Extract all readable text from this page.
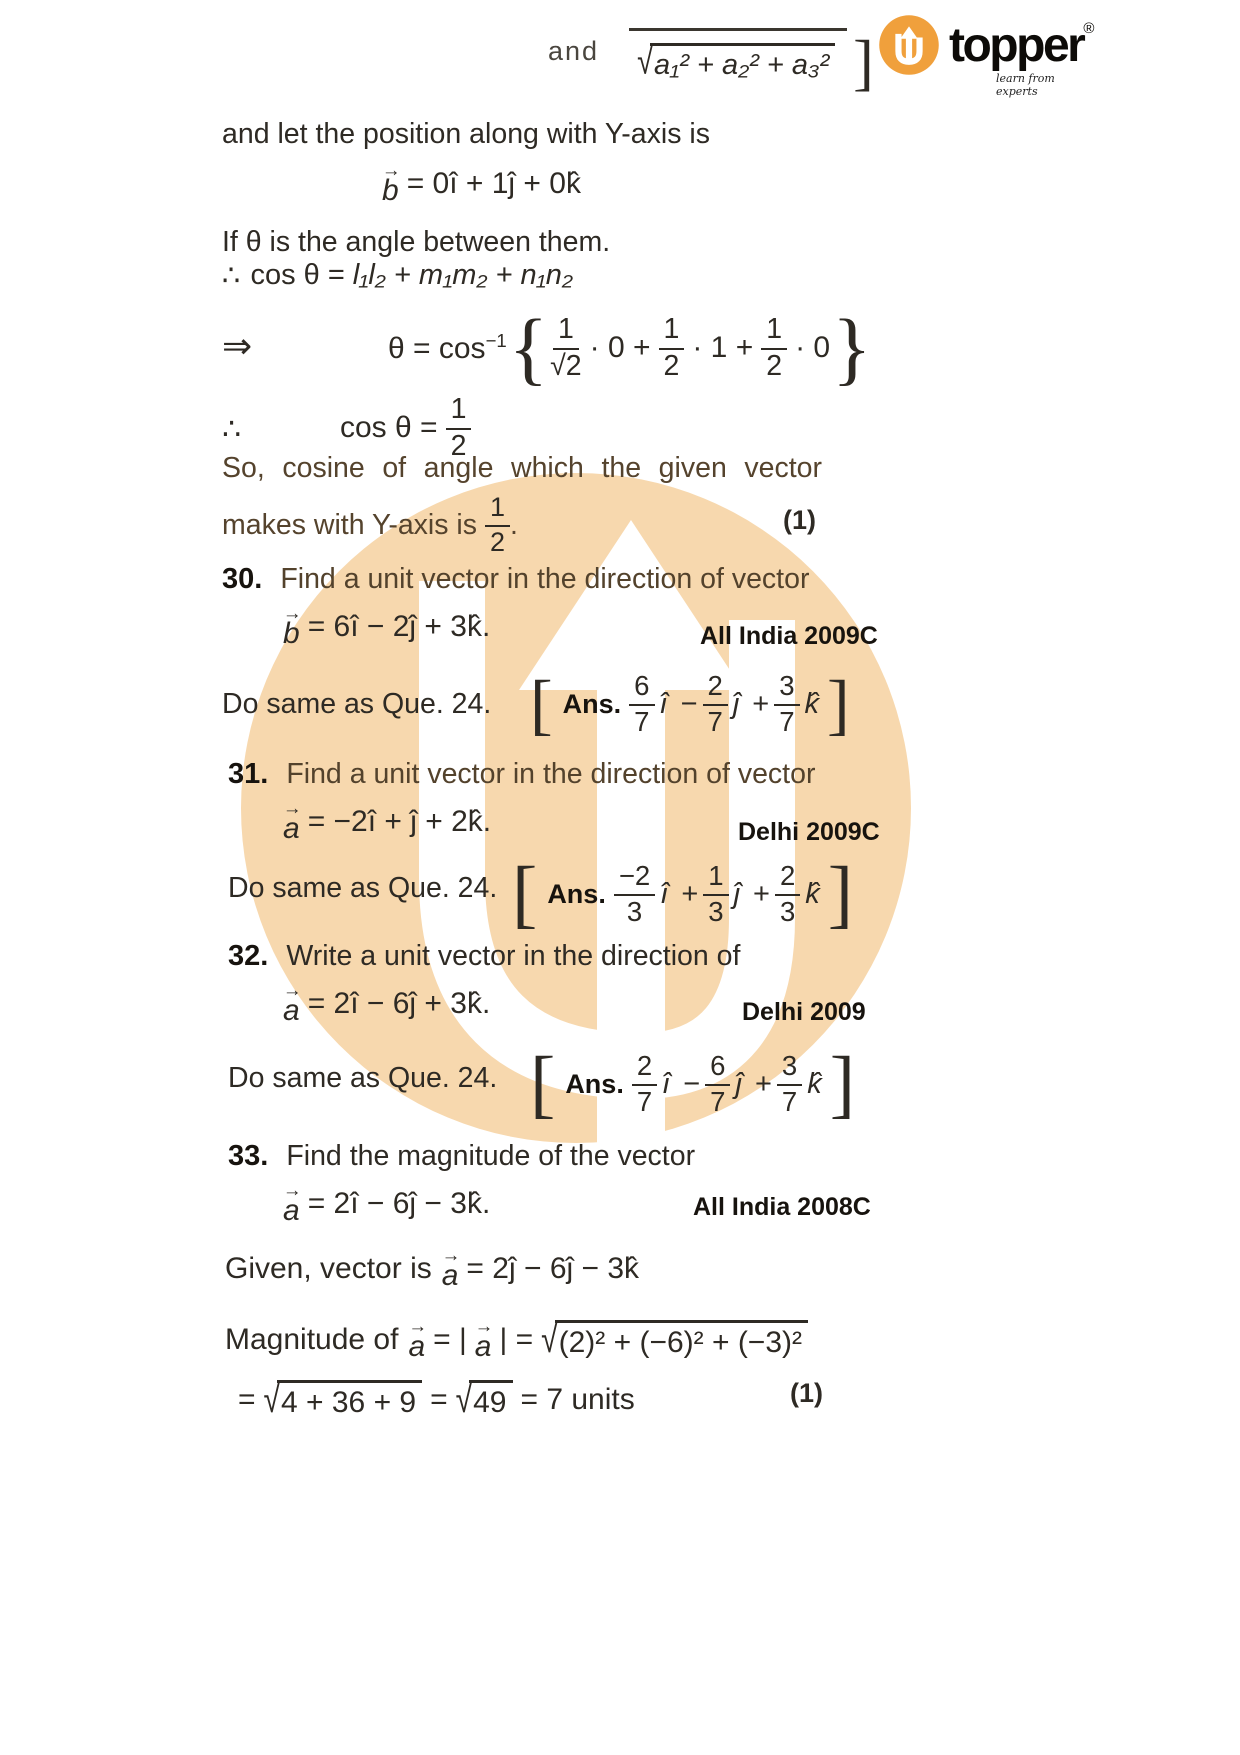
topper®
learn from experts
and √ a₁² + a₂² + a₃² ]
and let the position along with Y-axis is
→
b = 0î + 1ĵ + 0k̂
If θ is the angle between them.
∴ cos θ = l₁l₂ + m₁m₂ + n₁n₂
⇒	$\theta = \cos^{-1}$ { $\frac{1}{√2} \cdot 0 + \frac{1}{2} \cdot 1 + \frac{1}{2} \cdot 0$ }
∴	$\cos \theta = \frac{1}{2}$
So, cosine of angle which the given vector
makes with Y-axis is $\frac{1}{2}$ .	(1)
30. Find a unit vector in the direction of vector
→
b = 6î − 2ĵ + 3k̂.	All India 2009C
Do same as Que. 24. [ Ans. $\frac{6}{7}$ î − $\frac{2}{7}$ ĵ + $\frac{3}{7}$ k̂ ]
31. Find a unit vector in the direction of vector
→
a = −2î + ĵ + 2k̂.	Delhi 2009C
Do same as Que. 24. [ Ans. $\frac{-2}{3}$ î + $\frac{1}{3}$ ĵ + $\frac{2}{3}$ k̂ ]
32. Write a unit vector in the direction of
→
a = 2î − 6ĵ + 3k̂.	Delhi 2009
Do same as Que. 24. [ Ans. $\frac{2}{7}$ î − $\frac{6}{7}$ ĵ + $\frac{3}{7}$ k̂ ]
33. Find the magnitude of the vector
→
a = 2î − 6ĵ − 3k̂.	All India 2008C
Given, vector is →
a = 2ĵ − 6ĵ − 3k̂
Magnitude of →
a = | →
a | = √ (2)² + (−6)² + (−3)²
= √ 4 + 36 + 9 = √ 49 = 7 units	(1)
